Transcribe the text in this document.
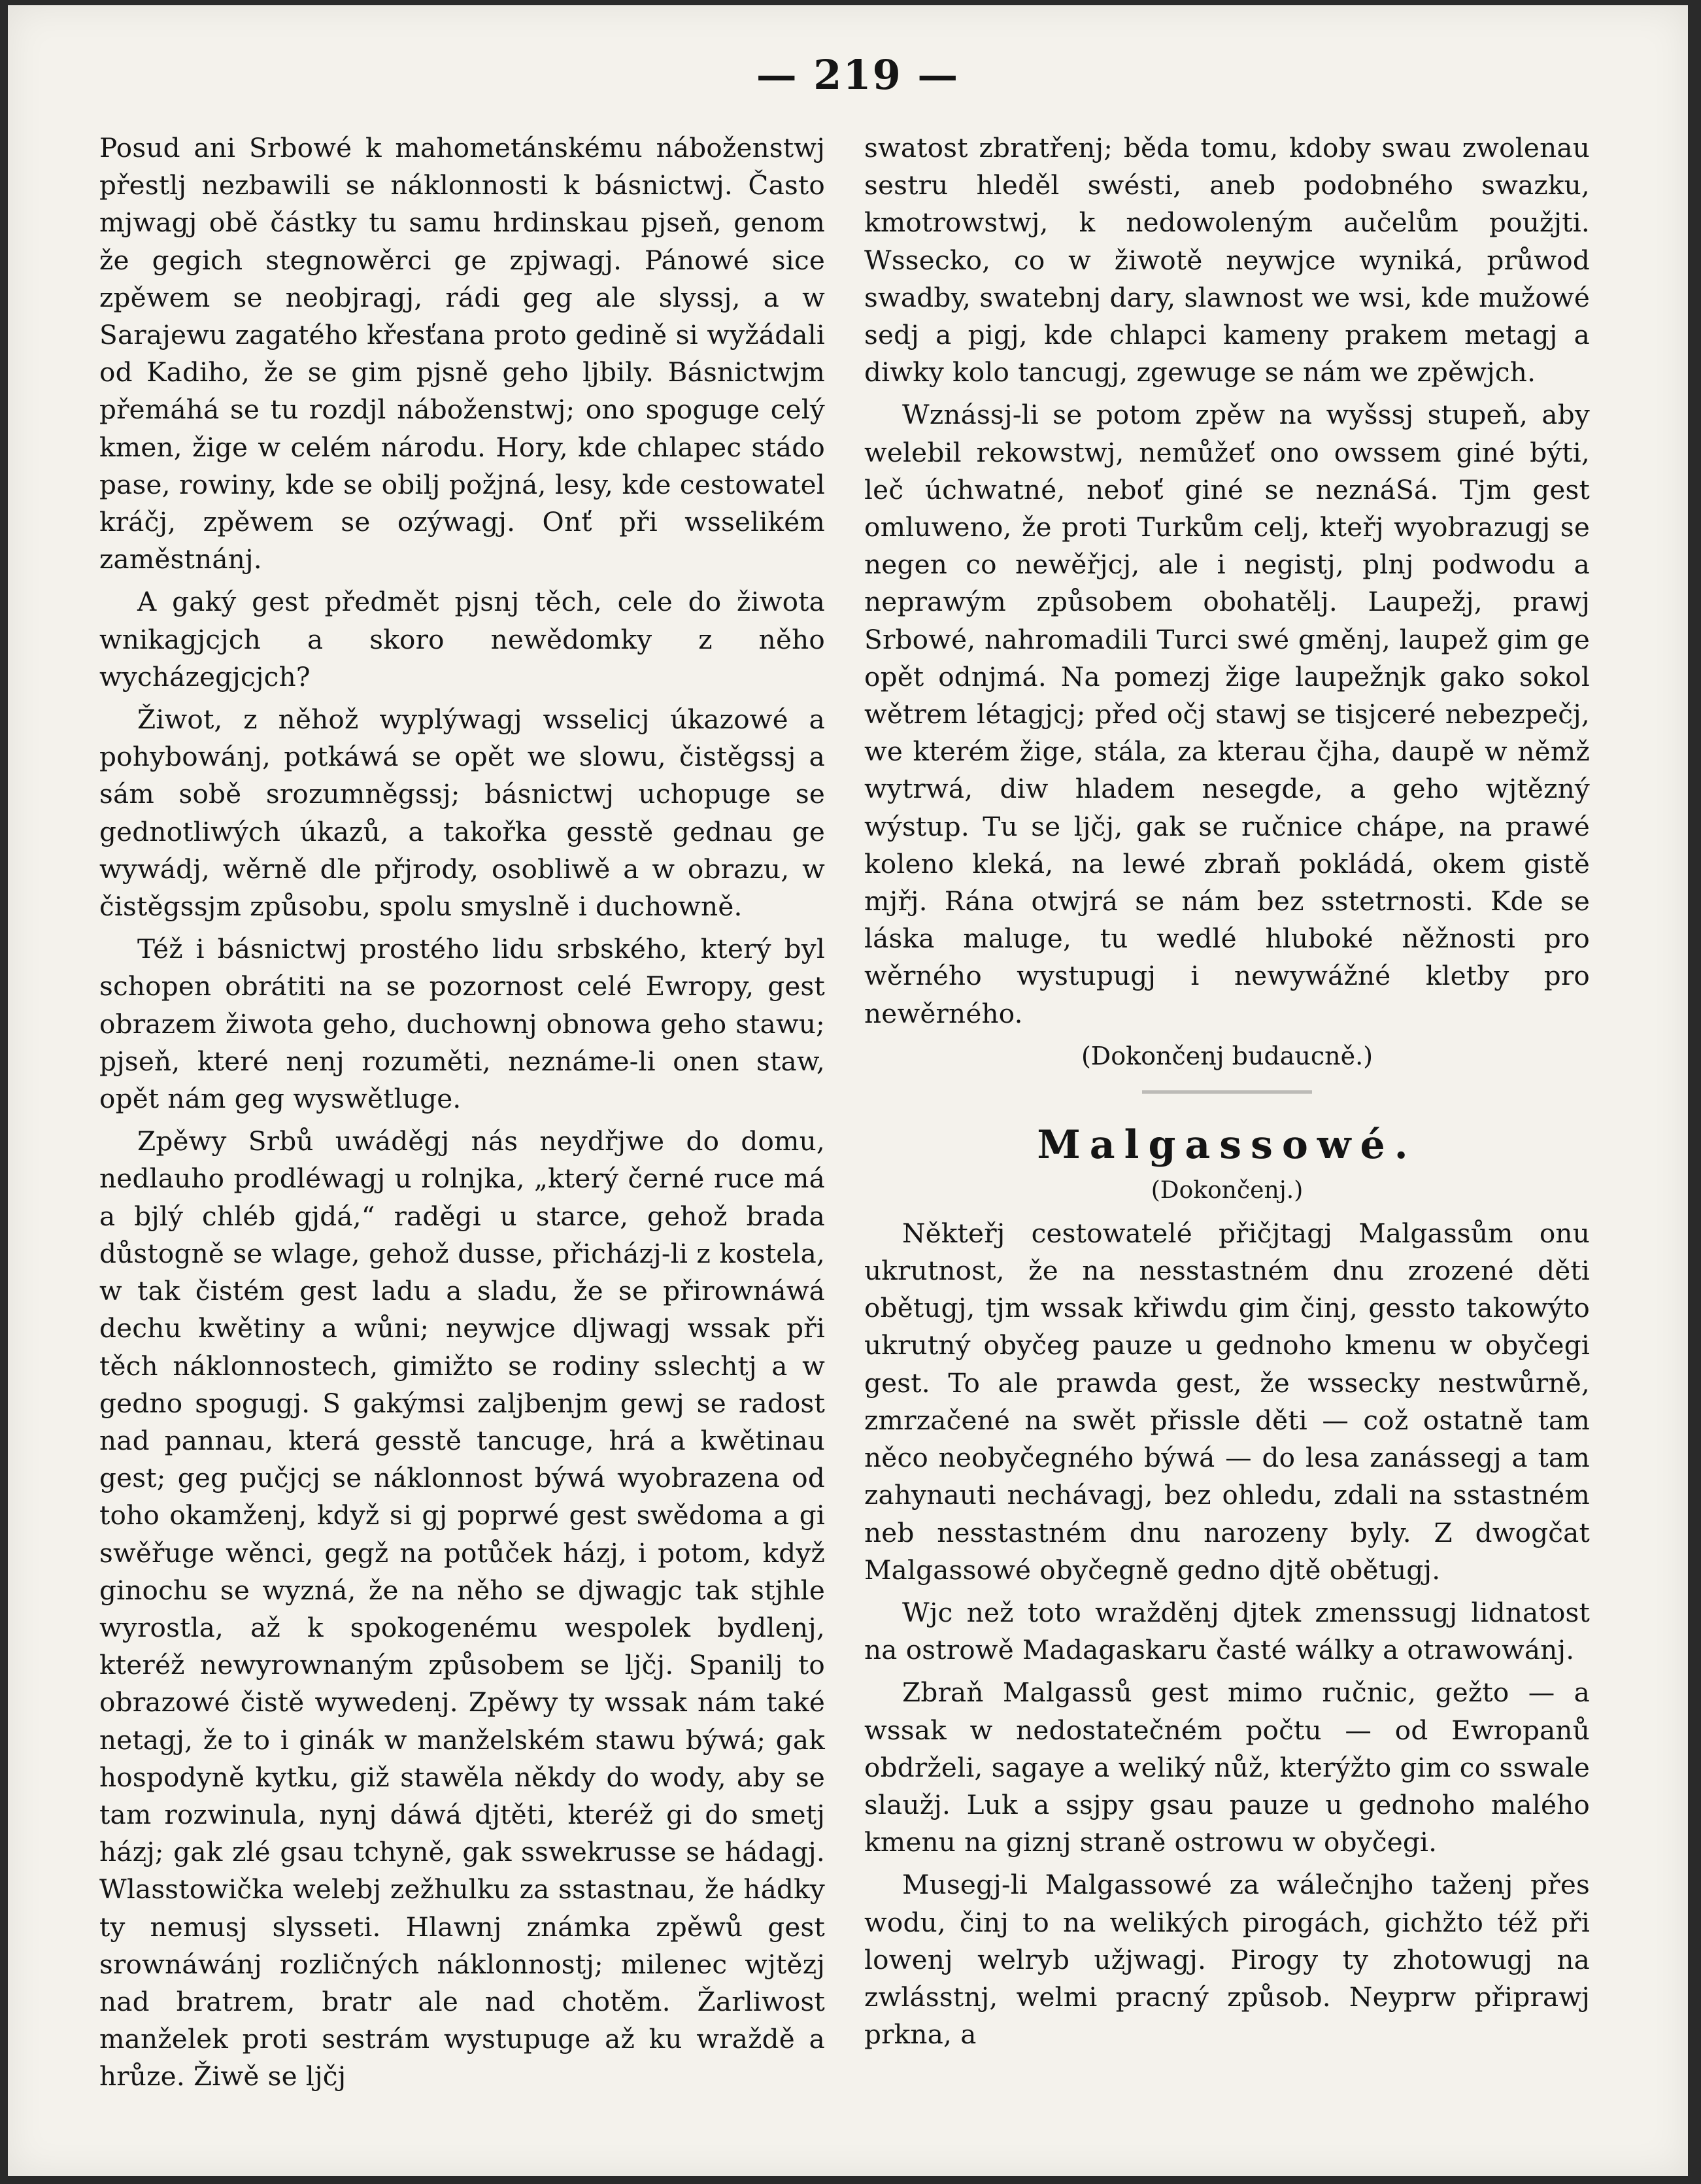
— 219 —

Posud ani Srbowé k mahometánskému náboženstwj přestlj nezbawili se náklonnosti k básnictwj. Často mjwagj obě částky tu samu hrdinskau pjseň, genom že gegich stegnowěrci ge zpjwagj. Pánowé sice zpěwem se neobjragj, rádi geg ale slyssj, a w Sarajewu zagatého křesťana proto gedině si wyžádali od Kadiho, že se gim pjsně geho ljbily. Básnictwjm přemáhá se tu rozdjl náboženstwj; ono spoguge celý kmen, žige w celém národu. Hory, kde chlapec stádo pase, rowiny, kde se obilj požjná, lesy, kde cestowatel kráčj, zpěwem se ozýwagj. Onť při wsselikém zaměstnánj.

A gaký gest předmět pjsnj těch, cele do žiwota wnikagjcjch a skoro newědomky z něho wycházegjcjch?

Žiwot, z něhož wyplýwagj wsselicj úkazowé a pohybowánj, potkáwá se opět we slowu, čistěgssj a sám sobě srozumněgssj; básnictwj uchopuge se gednotliwých úkazů, a takořka gesstě gednau ge wywádj, wěrně dle přjrody, osobliwě a w obrazu, w čistěgssjm způsobu, spolu smyslně i duchowně.

Též i básnictwj prostého lidu srbského, který byl schopen obrátiti na se pozornost celé Ewropy, gest obrazem žiwota geho, duchownj obnowa geho stawu; pjseň, které nenj rozuměti, neznáme-li onen staw, opět nám geg wyswětluge.

Zpěwy Srbů uwáděgj nás neydřjwe do domu, nedlauho prodléwagj u rolnjka, „který černé ruce má a bjlý chléb gjdá,“ raděgi u starce, gehož brada důstogně se wlage, gehož dusse, přicházj-li z kostela, w tak čistém gest ladu a sladu, že se přirownáwá dechu kwětiny a wůni; neywjce dljwagj wssak při těch náklonnostech, gimižto se rodiny sslechtj a w gedno spogugj. S gakýmsi zaljbenjm gewj se radost nad pannau, která gesstě tancuge, hrá a kwětinau gest; geg pučjcj se náklonnost býwá wyobrazena od toho okamženj, když si gj poprwé gest swědoma a gi swěřuge wěnci, gegž na potůček házj, i potom, když ginochu se wyzná, že na něho se djwagjc tak stjhle wyrostla, až k spokogenému wespolek bydlenj, kteréž newyrownaným způsobem se ljčj. Spanilj to obrazowé čistě wywedenj. Zpěwy ty wssak nám také netagj, že to i ginák w manželském stawu býwá; gak hospodyně kytku, giž stawěla někdy do wody, aby se tam rozwinula, nynj dáwá djtěti, kteréž gi do smetj házj; gak zlé gsau tchyně, gak sswekrusse se hádagj. Wlasstowička welebj zežhulku za sstastnau, že hádky ty nemusj slysseti. Hlawnj známka zpěwů gest srownáwánj rozličných náklonnostj; milenec wjtězj nad bratrem, bratr ale nad chotěm. Žarliwost manželek proti sestrám wystupuge až ku wraždě a hrůze. Žiwě se ljčj

swatost zbratřenj; běda tomu, kdoby swau zwolenau sestru hleděl swésti, aneb podobného swazku, kmotrowstwj, k nedowoleným aučelům použjti. Wssecko, co w žiwotě neywjce wyniká, průwod swadby, swatebnj dary, slawnost we wsi, kde mužowé sedj a pigj, kde chlapci kameny prakem metagj a diwky kolo tancugj, zgewuge se nám we zpěwjch.

Wznássj-li se potom zpěw na wyšssj stupeň, aby welebil rekowstwj, nemůžeť ono owssem giné býti, leč úchwatné, neboť giné se neznáSá. Tjm gest omluweno, že proti Turkům celj, kteřj wyobrazugj se negen co newěřjcj, ale i negistj, plnj podwodu a neprawým způsobem obohatělj. Laupežj, prawj Srbowé, nahromadili Turci swé gměnj, laupež gim ge opět odnjmá. Na pomezj žige laupežnjk gako sokol wětrem létagjcj; před očj stawj se tisjceré nebezpečj, we kterém žige, stála, za kterau čjha, daupě w němž wytrwá, diw hladem nesegde, a geho wjtězný wýstup. Tu se ljčj, gak se ručnice chápe, na prawé koleno kleká, na lewé zbraň pokládá, okem gistě mjřj. Rána otwjrá se nám bez sstetrnosti. Kde se láska maluge, tu wedlé hluboké něžnosti pro wěrného wystupugj i newywážné kletby pro newěrného.

(Dokončenj budaucně.)
Malgassowé.
(Dokončenj.)

Někteřj cestowatelé přičjtagj Malgassům onu ukrutnost, že na nesstastném dnu zrozené děti obětugj, tjm wssak křiwdu gim činj, gessto takowýto ukrutný obyčeg pauze u gednoho kmenu w obyčegi gest. To ale prawda gest, že wssecky nestwůrně, zmrzačené na swět přissle děti — což ostatně tam něco neobyčegného býwá — do lesa zanássegj a tam zahynauti nechávagj, bez ohledu, zdali na sstastném neb nesstastném dnu narozeny byly. Z dwogčat Malgassowé obyčegně gedno djtě obětugj.

Wjc než toto wražděnj djtek zmenssugj lidnatost na ostrowě Madagaskaru časté wálky a otrawowánj.

Zbraň Malgassů gest mimo ručnic, gežto — a wssak w nedostatečném počtu — od Ewropanů obdrželi, sagaye a weliký nůž, kterýžto gim co sswale slaužj. Luk a ssjpy gsau pauze u gednoho malého kmenu na giznj straně ostrowu w obyčegi.

Musegj-li Malgassowé za wálečnjho taženj přes wodu, činj to na welikých pirogách, gichžto též při lowenj welryb užjwagj. Pirogy ty zhotowugj na zwlásstnj, welmi pracný způsob. Neyprw připrawj prkna, a
